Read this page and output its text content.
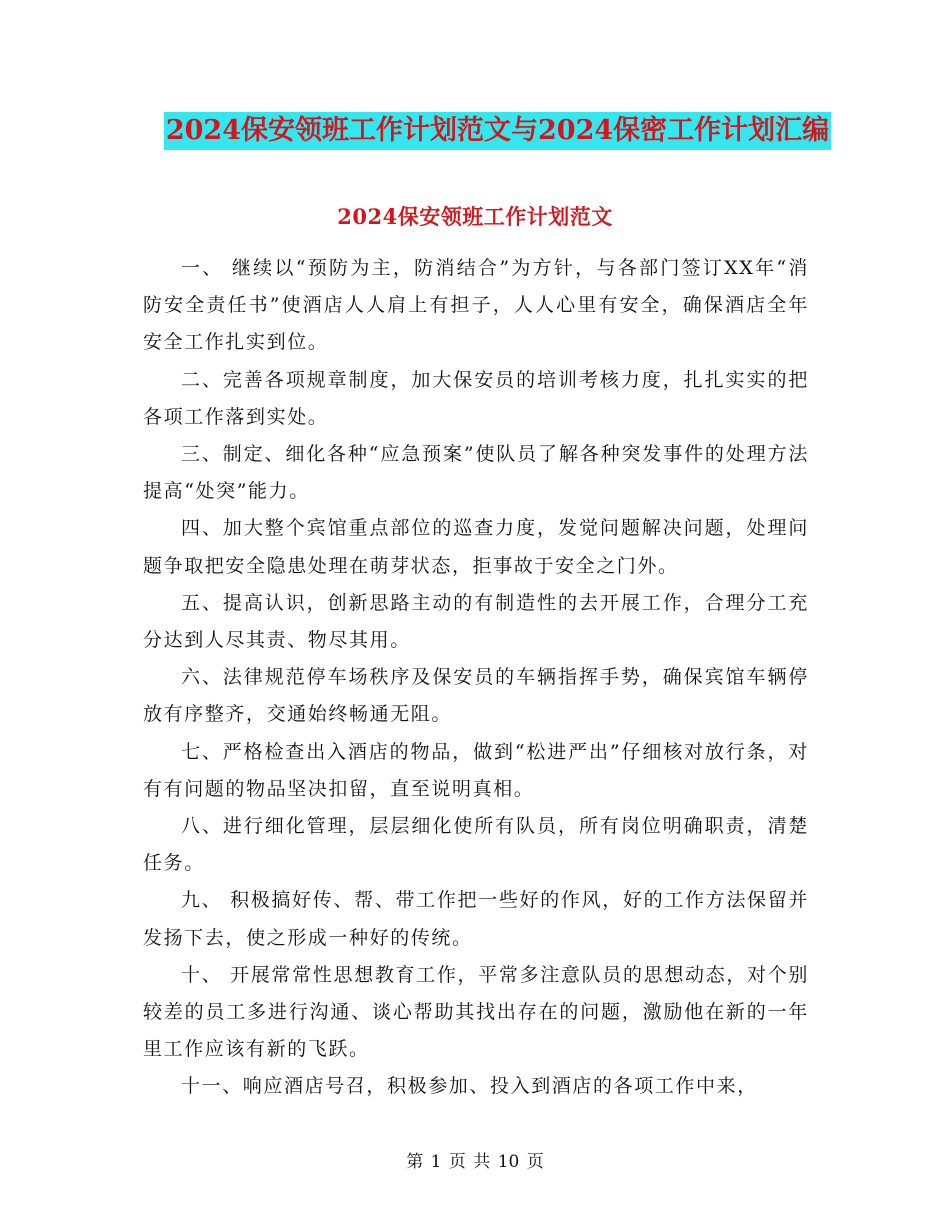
2024保安领班工作计划范文与2024保密工作计划汇编
2024保安领班工作计划范文

一、 继续以“预防为主，防消结合”为方针，与各部门签订XX年“消防安全责任书”使酒店人人肩上有担子，人人心里有安全，确保酒店全年安全工作扎实到位。

二、完善各项规章制度，加大保安员的培训考核力度，扎扎实实的把各项工作落到实处。

三、制定、细化各种“应急预案”使队员了解各种突发事件的处理方法提高“处突”能力。

四、加大整个宾馆重点部位的巡查力度，发觉问题解决问题，处理问题争取把安全隐患处理在萌芽状态，拒事故于安全之门外。

五、提高认识，创新思路主动的有制造性的去开展工作，合理分工充分达到人尽其责、物尽其用。

六、法律规范停车场秩序及保安员的车辆指挥手势，确保宾馆车辆停放有序整齐，交通始终畅通无阻。

七、严格检查出入酒店的物品，做到“松进严出”仔细核对放行条，对有有问题的物品坚决扣留，直至说明真相。

八、进行细化管理，层层细化使所有队员，所有岗位明确职责，清楚任务。

九、 积极搞好传、帮、带工作把一些好的作风，好的工作方法保留并发扬下去，使之形成一种好的传统。

十、 开展常常性思想教育工作，平常多注意队员的思想动态，对个别较差的员工多进行沟通、谈心帮助其找出存在的问题，激励他在新的一年里工作应该有新的飞跃。

十一、响应酒店号召，积极参加、投入到酒店的各项工作中来，

第 1 页 共 10 页
